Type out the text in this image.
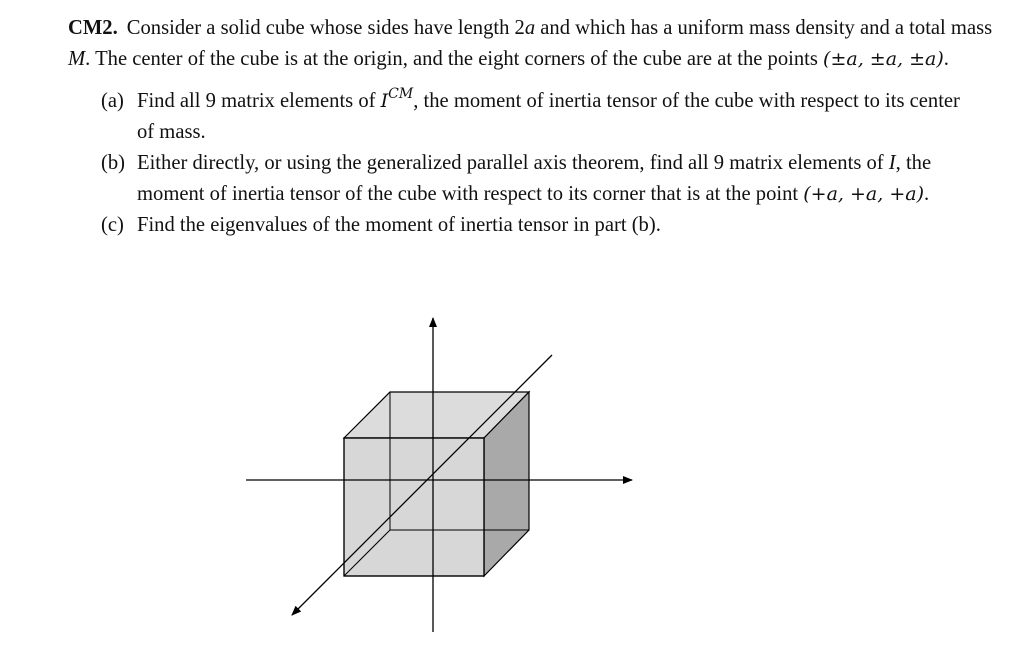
CM2. Consider a solid cube whose sides have length 2a and which has a uniform mass density and a total mass M. The center of the cube is at the origin, and the eight corners of the cube are at the points (±a, ±a, ±a).

(a) Find all 9 matrix elements of $I^{CM}$, the moment of inertia tensor of the cube with respect to its center of mass.
(b) Either directly, or using the generalized parallel axis theorem, find all 9 matrix elements of I, the moment of inertia tensor of the cube with respect to its corner that is at the point (+a, +a, +a).
(c) Find the eigenvalues of the moment of inertia tensor in part (b).
